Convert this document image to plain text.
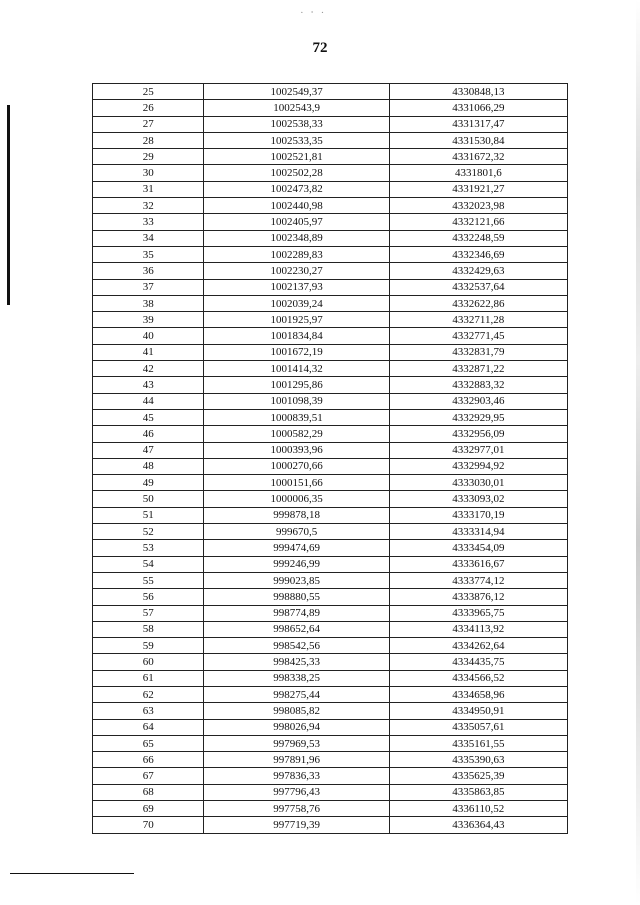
· ‧ ·
72
25	1002549,37	4330848,13
26	1002543,9	4331066,29
27	1002538,33	4331317,47
28	1002533,35	4331530,84
29	1002521,81	4331672,32
30	1002502,28	4331801,6
31	1002473,82	4331921,27
32	1002440,98	4332023,98
33	1002405,97	4332121,66
34	1002348,89	4332248,59
35	1002289,83	4332346,69
36	1002230,27	4332429,63
37	1002137,93	4332537,64
38	1002039,24	4332622,86
39	1001925,97	4332711,28
40	1001834,84	4332771,45
41	1001672,19	4332831,79
42	1001414,32	4332871,22
43	1001295,86	4332883,32
44	1001098,39	4332903,46
45	1000839,51	4332929,95
46	1000582,29	4332956,09
47	1000393,96	4332977,01
48	1000270,66	4332994,92
49	1000151,66	4333030,01
50	1000006,35	4333093,02
51	999878,18	4333170,19
52	999670,5	4333314,94
53	999474,69	4333454,09
54	999246,99	4333616,67
55	999023,85	4333774,12
56	998880,55	4333876,12
57	998774,89	4333965,75
58	998652,64	4334113,92
59	998542,56	4334262,64
60	998425,33	4334435,75
61	998338,25	4334566,52
62	998275,44	4334658,96
63	998085,82	4334950,91
64	998026,94	4335057,61
65	997969,53	4335161,55
66	997891,96	4335390,63
67	997836,33	4335625,39
68	997796,43	4335863,85
69	997758,76	4336110,52
70	997719,39	4336364,43
